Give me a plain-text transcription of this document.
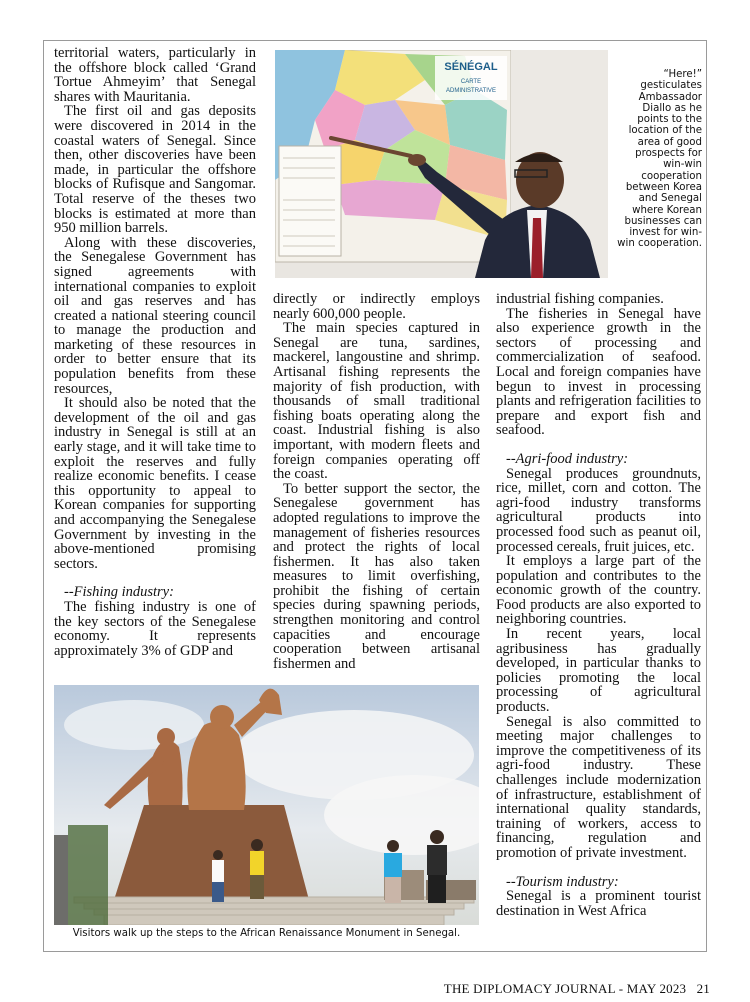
territorial waters, particularly in the offshore block called ‘Grand Tortue Ahmeyim’ that Senegal shares with Mauritania.

The first oil and gas deposits were discovered in 2014 in the coastal waters of Senegal. Since then, other discoveries have been made, in particular the offshore blocks of Rufisque and Sangomar. Total reserve of the theses two blocks is estimated at more than 950 million barrels.

Along with these discoveries, the Senegalese Government has signed agreements with international companies to exploit oil and gas reserves and has created a national steering council to manage the production and marketing of these resources in order to better ensure that its population benefits from these resources,

It should also be noted that the development of the oil and gas industry in Senegal is still at an early stage, and it will take time to exploit the reserves and fully realize economic benefits. I cease this opportunity to appeal to Korean companies for supporting and accompanying the Senegalese Government by investing in the above-mentioned promising sectors.

--Fishing industry:

The fishing industry is one of the key sectors of the Senegalese economy. It represents approximately 3% of GDP and

SÉNÉGAL
CARTE
ADMINISTRATIVE
“Here!” gesticulates Ambassador Diallo as he points to the location of the area of good prospects for win-win cooperation between Korea and Senegal where Korean businesses can invest for win-win cooperation.

directly or indirectly employs nearly 600,000 people.

The main species captured in Senegal are tuna, sardines, mackerel, langoustine and shrimp. Artisanal fishing represents the majority of fish production, with thousands of small traditional fishing boats operating along the coast. Industrial fishing is also important, with modern fleets and foreign companies operating off the coast.

To better support the sector, the Senegalese government has adopted regulations to improve the management of fisheries resources and protect the rights of local fishermen. It has also taken measures to limit overfishing, prohibit the fishing of certain species during spawning periods, strengthen monitoring and control capacities and encourage cooperation between artisanal fishermen and

industrial fishing companies.

The fisheries in Senegal have also experience growth in the sectors of processing and commercialization of seafood. Local and foreign companies have begun to invest in processing plants and refrigeration facilities to prepare and export fish and seafood.

--Agri-food industry:

Senegal produces groundnuts, rice, millet, corn and cotton. The agri-food industry transforms agricultural products into processed food such as peanut oil, processed cereals, fruit juices, etc.

It employs a large part of the population and contributes to the economic growth of the country. Food products are also exported to neighboring countries.

In recent years, local agribusiness has gradually developed, in particular thanks to policies promoting the local processing of agricultural products.

Senegal is also committed to meeting major challenges to improve the competitiveness of its agri-food industry. These challenges include modernization of infrastructure, establishment of international quality standards, training of workers, access to financing, regulation and promotion of private investment.

--Tourism industry:

Senegal is a prominent tourist destination in West Africa

Visitors walk up the steps to the African Renaissance Monument in Senegal.
THE DIPLOMACY JOURNAL - MAY 2023   21
